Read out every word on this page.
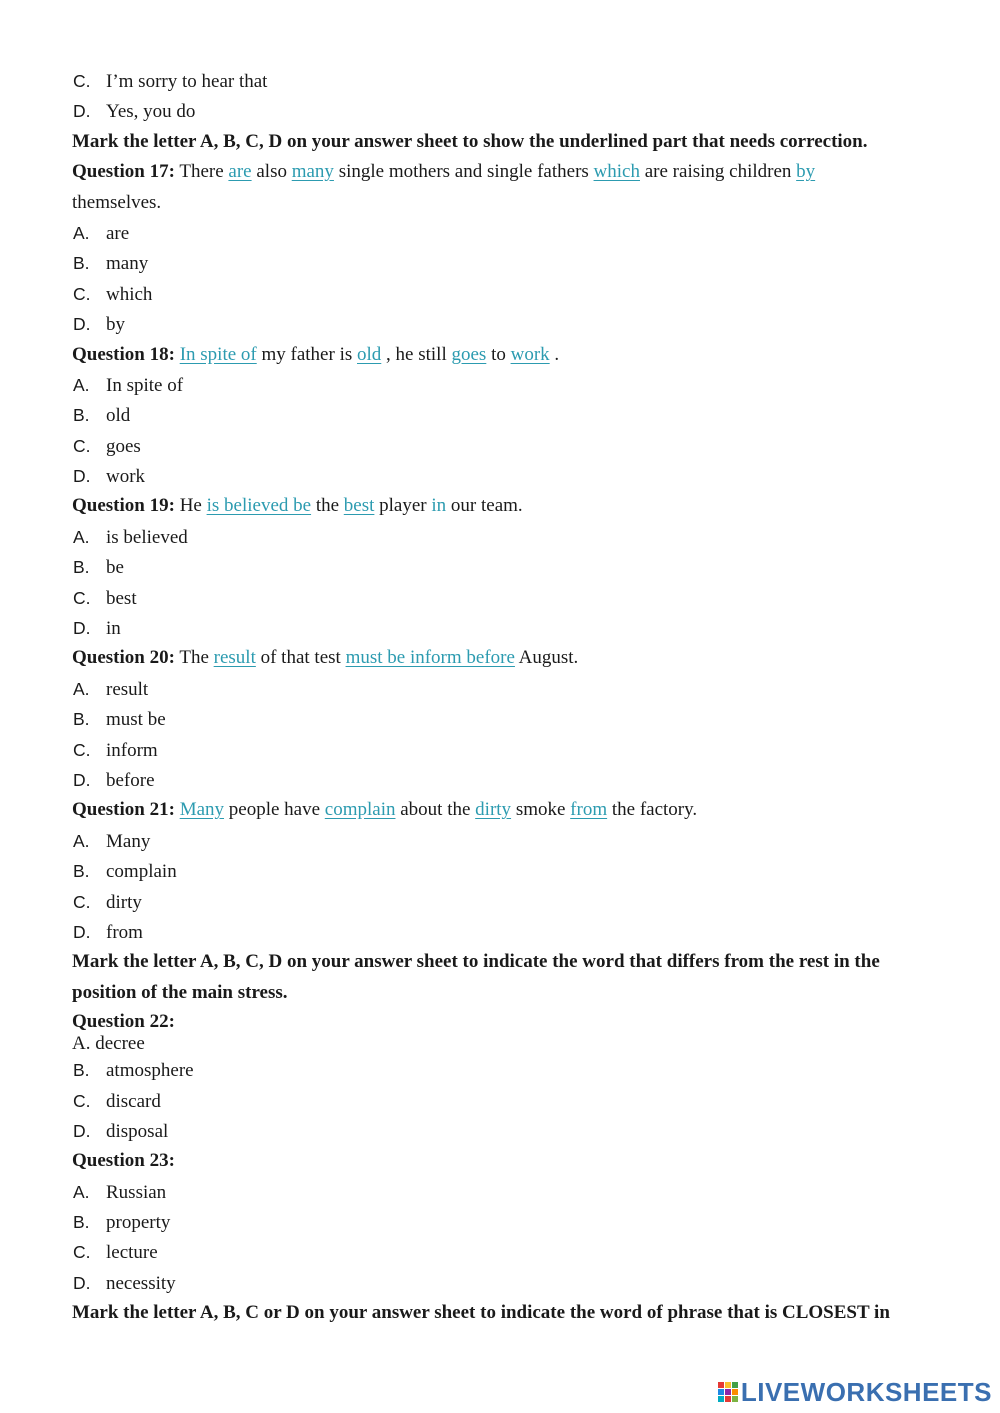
C. I’m sorry to hear that
D. Yes, you do
Mark the letter A, B, C, D on your answer sheet to show the underlined part that needs correction.
Question 17: There are also many single mothers and single fathers which are raising children by
themselves.
A. are
B. many
C. which
D. by
Question 18: In spite of my father is old , he still goes to work .
A. In spite of
B. old
C. goes
D. work
Question 19: He is believed be the best player in our team.
A. is believed
B. be
C. best
D. in
Question 20: The result of that test must be inform before August.
A. result
B. must be
C. inform
D. before
Question 21: Many people have complain about the dirty smoke from the factory.
A. Many
B. complain
C. dirty
D. from
Mark the letter A, B, C, D on your answer sheet to indicate the word that differs from the rest in the
position of the main stress.
Question 22:
A. decree
B. atmosphere
C. discard
D. disposal
Question 23:
A. Russian
B. property
C. lecture
D. necessity
Mark the letter A, B, C or D on your answer sheet to indicate the word of phrase that is CLOSEST in
LIVEWORKSHEETS
